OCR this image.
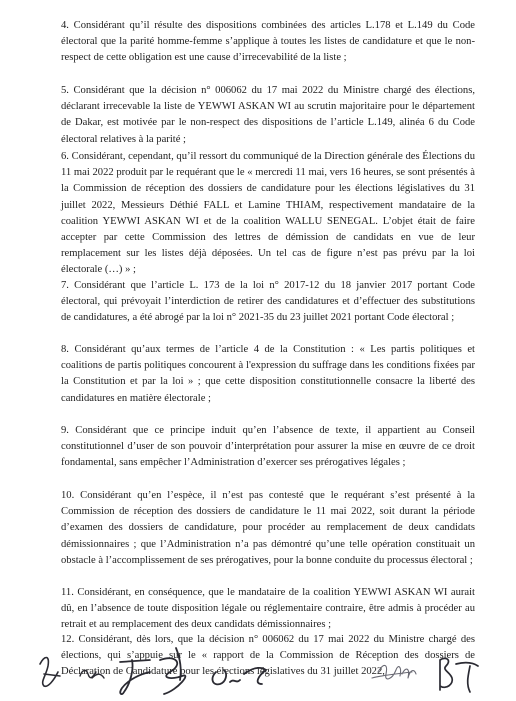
4. Considérant qu’il résulte des dispositions combinées des articles L.178 et L.149 du Code électoral que la parité homme-femme s’applique à toutes les listes de candidature et que le non-respect de cette obligation est une cause d’irrecevabilité de la liste ;

5. Considérant que la décision n° 006062 du 17 mai 2022 du Ministre chargé des élections, déclarant irrecevable la liste de YEWWI ASKAN WI au scrutin majoritaire pour le département de Dakar, est motivée par le non-respect des dispositions de l’article L.149, alinéa 6 du Code électoral relatives à la parité ;

6. Considérant, cependant, qu’il ressort du communiqué de la Direction générale des Élections du 11 mai 2022 produit par le requérant que le « mercredi 11 mai, vers 16 heures, se sont présentés à la Commission de réception des dossiers de candidature pour les élections législatives du 31 juillet 2022, Messieurs Déthié FALL et Lamine THIAM, respectivement mandataire de la coalition YEWWI ASKAN WI et de la coalition WALLU SENEGAL. L’objet était de faire accepter par cette Commission des lettres de démission de candidats en vue de leur remplacement sur les listes déjà déposées. Un tel cas de figure n’est pas prévu par la loi électorale (…) » ;

7. Considérant que l’article L. 173 de la loi n° 2017-12 du 18 janvier 2017 portant Code électoral, qui prévoyait l’interdiction de retirer des candidatures et d’effectuer des substitutions de candidatures, a été abrogé par la loi n° 2021-35 du 23 juillet 2021 portant Code électoral ;

8. Considérant qu’aux termes de l’article 4 de la Constitution : « Les partis politiques et coalitions de partis politiques concourent à l'expression du suffrage dans les conditions fixées par la Constitution et par la loi » ; que cette disposition constitutionnelle consacre la liberté des candidatures en matière électorale ;

9. Considérant que ce principe induit qu’en l’absence de texte, il appartient au Conseil constitutionnel d’user de son pouvoir d’interprétation pour assurer la mise en œuvre de ce droit fondamental, sans empêcher l’Administration d’exercer ses prérogatives légales ;

10. Considérant qu’en l’espèce, il n’est pas contesté que le requérant s’est présenté à la Commission de réception des dossiers de candidature le 11 mai 2022, soit durant la période d’examen des dossiers de candidature, pour procéder au remplacement de deux candidats démissionnaires ; que l’Administration n’a pas démontré qu’une telle opération constituait un obstacle à l’accomplissement de ses prérogatives, pour la bonne conduite du processus électoral ;

11. Considérant, en conséquence, que le mandataire de la coalition YEWWI ASKAN WI aurait dû, en l’absence de toute disposition légale ou réglementaire contraire, être admis à procéder au retrait et au remplacement des deux candidats démissionnaires ;

12. Considérant, dès lors, que la décision n° 006062 du 17 mai 2022 du Ministre chargé des élections, qui s’appuie sur le « rapport de la Commission de Réception des dossiers de Déclaration de Candidature pour les élections législatives du 31 juillet 2022,
